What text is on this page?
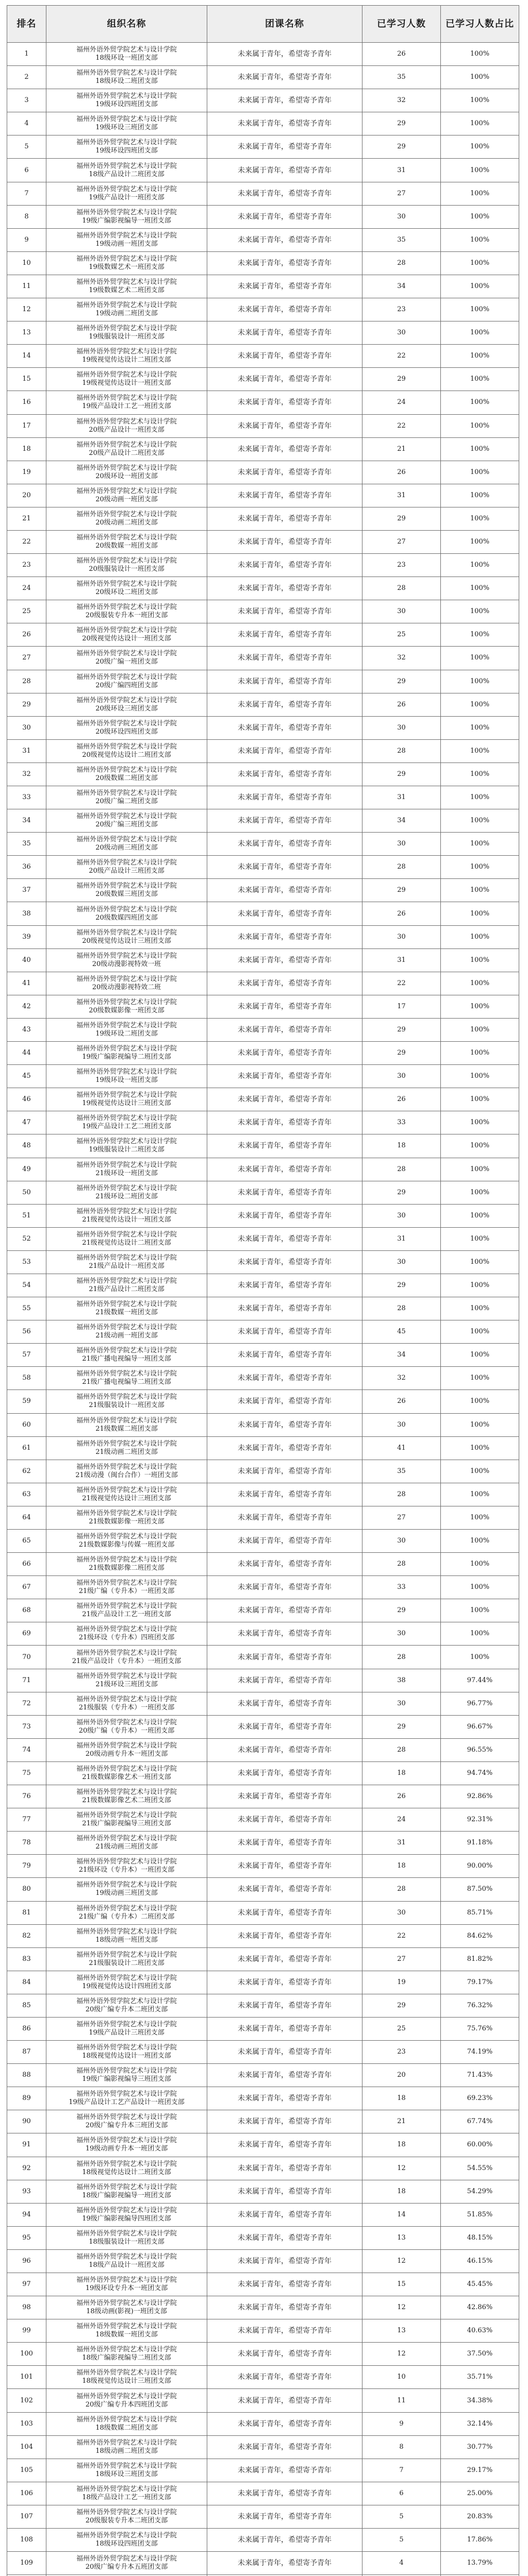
排名	组织名称	团课名称	已学习人数	已学习人数占比
1	福州外语外贸学院艺术与设计学院
18级环设一班团支部	未来属于青年，希望寄予青年	26	100%
2	福州外语外贸学院艺术与设计学院
18级环设二班团支部	未来属于青年，希望寄予青年	35	100%
3	福州外语外贸学院艺术与设计学院
19级环设四班团支部	未来属于青年，希望寄予青年	32	100%
4	福州外语外贸学院艺术与设计学院
19级环设三班团支部	未来属于青年，希望寄予青年	29	100%
5	福州外语外贸学院艺术与设计学院
19级环设四班团支部	未来属于青年，希望寄予青年	29	100%
6	福州外语外贸学院艺术与设计学院
18级产品设计二班团支部	未来属于青年，希望寄予青年	31	100%
7	福州外语外贸学院艺术与设计学院
19级产品设计一班团支部	未来属于青年，希望寄予青年	27	100%
8	福州外语外贸学院艺术与设计学院
19级广编影视编导一班团支部	未来属于青年，希望寄予青年	30	100%
9	福州外语外贸学院艺术与设计学院
19级动画一班团支部	未来属于青年，希望寄予青年	35	100%
10	福州外语外贸学院艺术与设计学院
19级数媒艺术一班团支部	未来属于青年，希望寄予青年	28	100%
11	福州外语外贸学院艺术与设计学院
19级数媒艺术二班团支部	未来属于青年，希望寄予青年	34	100%
12	福州外语外贸学院艺术与设计学院
19级动画二班团支部	未来属于青年，希望寄予青年	23	100%
13	福州外语外贸学院艺术与设计学院
19级服装设计一班团支部	未来属于青年，希望寄予青年	30	100%
14	福州外语外贸学院艺术与设计学院
19级视觉传达设计二班团支部	未来属于青年，希望寄予青年	22	100%
15	福州外语外贸学院艺术与设计学院
19级视觉传达设计一班团支部	未来属于青年，希望寄予青年	29	100%
16	福州外语外贸学院艺术与设计学院
19级产品设计工艺一班团支部	未来属于青年，希望寄予青年	24	100%
17	福州外语外贸学院艺术与设计学院
20级产品设计一班团支部	未来属于青年，希望寄予青年	22	100%
18	福州外语外贸学院艺术与设计学院
20级产品设计二班团支部	未来属于青年，希望寄予青年	21	100%
19	福州外语外贸学院艺术与设计学院
20级环设一班团支部	未来属于青年，希望寄予青年	26	100%
20	福州外语外贸学院艺术与设计学院
20级动画一班团支部	未来属于青年，希望寄予青年	31	100%
21	福州外语外贸学院艺术与设计学院
20级动画二班团支部	未来属于青年，希望寄予青年	29	100%
22	福州外语外贸学院艺术与设计学院
20级数媒一班团支部	未来属于青年，希望寄予青年	27	100%
23	福州外语外贸学院艺术与设计学院
20级服装设计一班团支部	未来属于青年，希望寄予青年	23	100%
24	福州外语外贸学院艺术与设计学院
20级环设二班团支部	未来属于青年，希望寄予青年	28	100%
25	福州外语外贸学院艺术与设计学院
20级服装专升本一班团支部	未来属于青年，希望寄予青年	30	100%
26	福州外语外贸学院艺术与设计学院
20级视觉传达设计一班团支部	未来属于青年，希望寄予青年	25	100%
27	福州外语外贸学院艺术与设计学院
20级广编一班团支部	未来属于青年，希望寄予青年	32	100%
28	福州外语外贸学院艺术与设计学院
20级广编四班团支部	未来属于青年，希望寄予青年	29	100%
29	福州外语外贸学院艺术与设计学院
20级环设三班团支部	未来属于青年，希望寄予青年	26	100%
30	福州外语外贸学院艺术与设计学院
20级环设四班团支部	未来属于青年，希望寄予青年	30	100%
31	福州外语外贸学院艺术与设计学院
20级视觉传达设计二班团支部	未来属于青年，希望寄予青年	28	100%
32	福州外语外贸学院艺术与设计学院
20级数媒二班团支部	未来属于青年，希望寄予青年	29	100%
33	福州外语外贸学院艺术与设计学院
20级广编二班团支部	未来属于青年，希望寄予青年	31	100%
34	福州外语外贸学院艺术与设计学院
20级广编三班团支部	未来属于青年，希望寄予青年	34	100%
35	福州外语外贸学院艺术与设计学院
20级动画三班团支部	未来属于青年，希望寄予青年	30	100%
36	福州外语外贸学院艺术与设计学院
20级产品设计三班团支部	未来属于青年，希望寄予青年	28	100%
37	福州外语外贸学院艺术与设计学院
20级数媒三班团支部	未来属于青年，希望寄予青年	29	100%
38	福州外语外贸学院艺术与设计学院
20级数媒四班团支部	未来属于青年，希望寄予青年	26	100%
39	福州外语外贸学院艺术与设计学院
20级视觉传达设计三班团支部	未来属于青年，希望寄予青年	30	100%
40	福州外语外贸学院艺术与设计学院
20级动漫影视特效一班	未来属于青年，希望寄予青年	31	100%
41	福州外语外贸学院艺术与设计学院
20级动漫影视特效二班	未来属于青年，希望寄予青年	22	100%
42	福州外语外贸学院艺术与设计学院
20级数媒影像一班团支部	未来属于青年，希望寄予青年	17	100%
43	福州外语外贸学院艺术与设计学院
19级环设二班团支部	未来属于青年，希望寄予青年	29	100%
44	福州外语外贸学院艺术与设计学院
19级广编影视编导二班团支部	未来属于青年，希望寄予青年	29	100%
45	福州外语外贸学院艺术与设计学院
19级环设一班团支部	未来属于青年，希望寄予青年	30	100%
46	福州外语外贸学院艺术与设计学院
19级视觉传达设计三班团支部	未来属于青年，希望寄予青年	26	100%
47	福州外语外贸学院艺术与设计学院
19级产品设计工艺二班团支部	未来属于青年，希望寄予青年	33	100%
48	福州外语外贸学院艺术与设计学院
19级服装设计二班团支部	未来属于青年，希望寄予青年	18	100%
49	福州外语外贸学院艺术与设计学院
21级环设一班团支部	未来属于青年，希望寄予青年	28	100%
50	福州外语外贸学院艺术与设计学院
21级环设二班团支部	未来属于青年，希望寄予青年	29	100%
51	福州外语外贸学院艺术与设计学院
21级视觉传达设计一班团支部	未来属于青年，希望寄予青年	30	100%
52	福州外语外贸学院艺术与设计学院
21级视觉传达设计二班团支部	未来属于青年，希望寄予青年	31	100%
53	福州外语外贸学院艺术与设计学院
21级产品设计一班团支部	未来属于青年，希望寄予青年	30	100%
54	福州外语外贸学院艺术与设计学院
21级产品设计二班团支部	未来属于青年，希望寄予青年	29	100%
55	福州外语外贸学院艺术与设计学院
21级数媒一班团支部	未来属于青年，希望寄予青年	28	100%
56	福州外语外贸学院艺术与设计学院
21级动画一班团支部	未来属于青年，希望寄予青年	45	100%
57	福州外语外贸学院艺术与设计学院
21级广播电视编导一班团支部	未来属于青年，希望寄予青年	34	100%
58	福州外语外贸学院艺术与设计学院
21级广播电视编导二班团支部	未来属于青年，希望寄予青年	32	100%
59	福州外语外贸学院艺术与设计学院
21级服装设计一班团支部	未来属于青年，希望寄予青年	26	100%
60	福州外语外贸学院艺术与设计学院
21级数媒二班团支部	未来属于青年，希望寄予青年	30	100%
61	福州外语外贸学院艺术与设计学院
21级动画二班团支部	未来属于青年，希望寄予青年	41	100%
62	福州外语外贸学院艺术与设计学院
21级动漫（闽台合作）一班团支部	未来属于青年，希望寄予青年	35	100%
63	福州外语外贸学院艺术与设计学院
21级视觉传达设计三班团支部	未来属于青年，希望寄予青年	28	100%
64	福州外语外贸学院艺术与设计学院
21级数媒影像一班团支部	未来属于青年，希望寄予青年	27	100%
65	福州外语外贸学院艺术与设计学院
21级数媒影像与传媒一班团支部	未来属于青年，希望寄予青年	30	100%
66	福州外语外贸学院艺术与设计学院
21级数媒影像二班团支部	未来属于青年，希望寄予青年	28	100%
67	福州外语外贸学院艺术与设计学院
21级广编（专升本）一班团支部	未来属于青年，希望寄予青年	33	100%
68	福州外语外贸学院艺术与设计学院
21级产品设计工艺一班团支部	未来属于青年，希望寄予青年	29	100%
69	福州外语外贸学院艺术与设计学院
21级环设（专升本）四班团支部	未来属于青年，希望寄予青年	30	100%
70	福州外语外贸学院艺术与设计学院
21级产品设计（专升本）一班团支部	未来属于青年，希望寄予青年	28	100%
71	福州外语外贸学院艺术与设计学院
21级环设三班团支部	未来属于青年，希望寄予青年	38	97.44%
72	福州外语外贸学院艺术与设计学院
21级服装（专升本）一班团支部	未来属于青年，希望寄予青年	30	96.77%
73	福州外语外贸学院艺术与设计学院
20级广编（专升本）一班团支部	未来属于青年，希望寄予青年	29	96.67%
74	福州外语外贸学院艺术与设计学院
20级动画专升本一班团支部	未来属于青年，希望寄予青年	28	96.55%
75	福州外语外贸学院艺术与设计学院
21级数媒影像艺术一班团支部	未来属于青年，希望寄予青年	18	94.74%
76	福州外语外贸学院艺术与设计学院
21级数媒影像艺术二班团支部	未来属于青年，希望寄予青年	26	92.86%
77	福州外语外贸学院艺术与设计学院
21级广编影视编导三班团支部	未来属于青年，希望寄予青年	24	92.31%
78	福州外语外贸学院艺术与设计学院
21级动画三班团支部	未来属于青年，希望寄予青年	31	91.18%
79	福州外语外贸学院艺术与设计学院
21级环设（专升本）一班团支部	未来属于青年，希望寄予青年	18	90.00%
80	福州外语外贸学院艺术与设计学院
19级动画三班团支部	未来属于青年，希望寄予青年	28	87.50%
81	福州外语外贸学院艺术与设计学院
21级广编（专升本）二班团支部	未来属于青年，希望寄予青年	30	85.71%
82	福州外语外贸学院艺术与设计学院
18级动画一班团支部	未来属于青年，希望寄予青年	22	84.62%
83	福州外语外贸学院艺术与设计学院
21级服装设计二班团支部	未来属于青年，希望寄予青年	27	81.82%
84	福州外语外贸学院艺术与设计学院
19级视觉传达设计四班团支部	未来属于青年，希望寄予青年	19	79.17%
85	福州外语外贸学院艺术与设计学院
20级广编专升本二班团支部	未来属于青年，希望寄予青年	29	76.32%
86	福州外语外贸学院艺术与设计学院
19级产品设计三班团支部	未来属于青年，希望寄予青年	25	75.76%
87	福州外语外贸学院艺术与设计学院
18级视觉传达设计一班团支部	未来属于青年，希望寄予青年	23	74.19%
88	福州外语外贸学院艺术与设计学院
19级广编影视编导三班团支部	未来属于青年，希望寄予青年	20	71.43%
89	福州外语外贸学院艺术与设计学院
19级产品设计工艺产品设计一班团支部	未来属于青年，希望寄予青年	18	69.23%
90	福州外语外贸学院艺术与设计学院
20级广编专升本三班团支部	未来属于青年，希望寄予青年	21	67.74%
91	福州外语外贸学院艺术与设计学院
19级动画专升本一班团支部	未来属于青年，希望寄予青年	18	60.00%
92	福州外语外贸学院艺术与设计学院
18级视觉传达设计二班团支部	未来属于青年，希望寄予青年	12	54.55%
93	福州外语外贸学院艺术与设计学院
18级广编影视编导一班团支部	未来属于青年，希望寄予青年	18	54.29%
94	福州外语外贸学院艺术与设计学院
19级广编影视编导四班团支部	未来属于青年，希望寄予青年	14	51.85%
95	福州外语外贸学院艺术与设计学院
18级服装设计一班团支部	未来属于青年，希望寄予青年	13	48.15%
96	福州外语外贸学院艺术与设计学院
18级产品设计一班团支部	未来属于青年，希望寄予青年	12	46.15%
97	福州外语外贸学院艺术与设计学院
19级环设专升本一班团支部	未来属于青年，希望寄予青年	15	45.45%
98	福州外语外贸学院艺术与设计学院
18级动画(影视)一班团支部	未来属于青年，希望寄予青年	12	42.86%
99	福州外语外贸学院艺术与设计学院
18级数媒一班团支部	未来属于青年，希望寄予青年	13	40.63%
100	福州外语外贸学院艺术与设计学院
18级广编影视编导二班团支部	未来属于青年，希望寄予青年	12	37.50%
101	福州外语外贸学院艺术与设计学院
18级视觉传达设计三班团支部	未来属于青年，希望寄予青年	10	35.71%
102	福州外语外贸学院艺术与设计学院
20级广编专升本四班团支部	未来属于青年，希望寄予青年	11	34.38%
103	福州外语外贸学院艺术与设计学院
18级数媒二班团支部	未来属于青年，希望寄予青年	9	32.14%
104	福州外语外贸学院艺术与设计学院
18级动画二班团支部	未来属于青年，希望寄予青年	8	30.77%
105	福州外语外贸学院艺术与设计学院
18级环设三班团支部	未来属于青年，希望寄予青年	7	29.17%
106	福州外语外贸学院艺术与设计学院
18级产品设计工艺一班团支部	未来属于青年，希望寄予青年	6	25.00%
107	福州外语外贸学院艺术与设计学院
20级服装专升本二班团支部	未来属于青年，希望寄予青年	5	20.83%
108	福州外语外贸学院艺术与设计学院
18级环设四班团支部	未来属于青年，希望寄予青年	5	17.86%
109	福州外语外贸学院艺术与设计学院
20级广编专升本五班团支部	未来属于青年，希望寄予青年	4	13.79%
